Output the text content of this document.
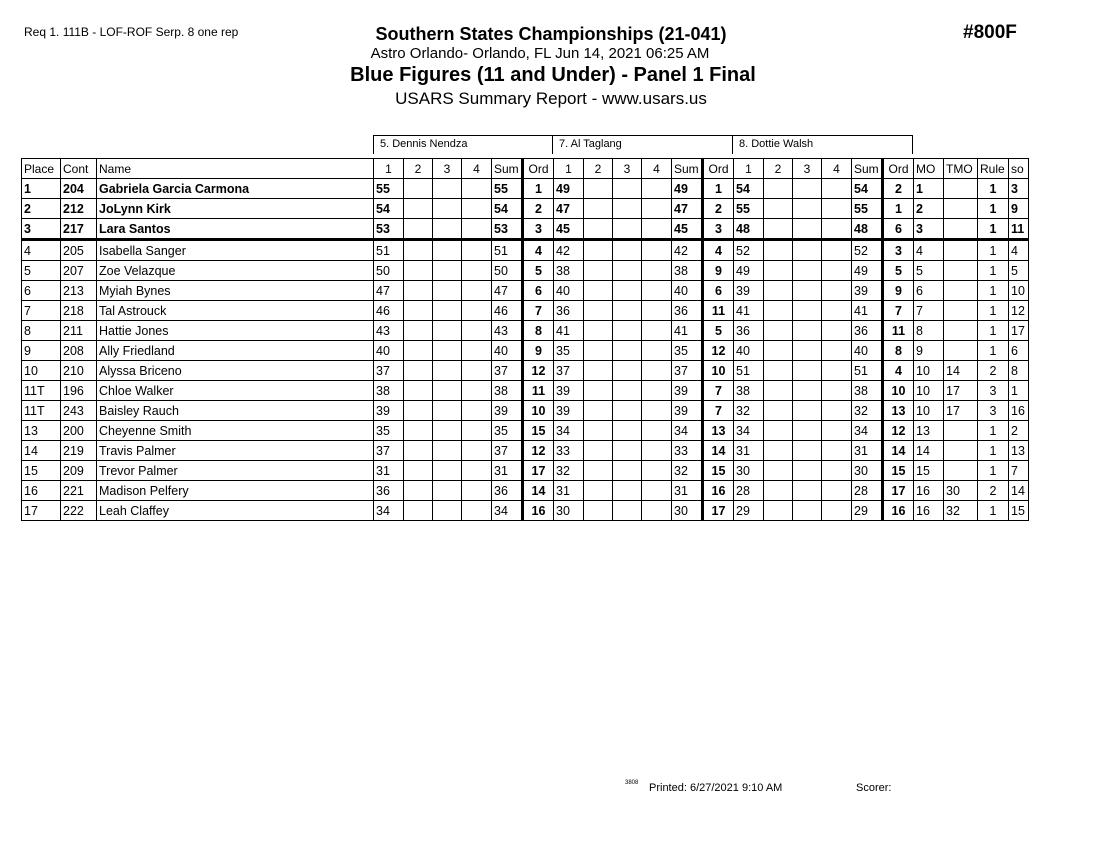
Req 1. 111B - LOF-ROF Serp. 8 one rep	#800F
Southern States Championships (21-041)
Astro Orlando- Orlando, FL Jun 14, 2021 06:25 AM
Blue Figures (11 and Under) - Panel 1 Final
USARS Summary Report - www.usars.us
5. Dennis Nendza	7. Al Taglang	8. Dottie Walsh
Place	Cont	Name	1	2	3	4	Sum	Ord	1	2	3	4	Sum	Ord	1	2	3	4	Sum	Ord	MO	TMO	Rule	so
1	204	Gabriela Garcia Carmona	55				55	1	49				49	1	54				54	2	1		1	3
2	212	JoLynn Kirk	54				54	2	47				47	2	55				55	1	2		1	9
3	217	Lara Santos	53				53	3	45				45	3	48				48	6	3		1	11
4	205	Isabella Sanger	51				51	4	42				42	4	52				52	3	4		1	4
5	207	Zoe Velazque	50				50	5	38				38	9	49				49	5	5		1	5
6	213	Myiah Bynes	47				47	6	40				40	6	39				39	9	6		1	10
7	218	Tal Astrouck	46				46	7	36				36	11	41				41	7	7		1	12
8	211	Hattie Jones	43				43	8	41				41	5	36				36	11	8		1	17
9	208	Ally Friedland	40				40	9	35				35	12	40				40	8	9		1	6
10	210	Alyssa Briceno	37				37	12	37				37	10	51				51	4	10	14	2	8
11T	196	Chloe Walker	38				38	11	39				39	7	38				38	10	10	17	3	1
11T	243	Baisley Rauch	39				39	10	39				39	7	32				32	13	10	17	3	16
13	200	Cheyenne Smith	35				35	15	34				34	13	34				34	12	13		1	2
14	219	Travis Palmer	37				37	12	33				33	14	31				31	14	14		1	13
15	209	Trevor Palmer	31				31	17	32				32	15	30				30	15	15		1	7
16	221	Madison Pelfery	36				36	14	31				31	16	28				28	17	16	30	2	14
17	222	Leah Claffey	34				34	16	30				30	17	29				29	16	16	32	1	15
3808 Printed: 6/27/2021 9:10 AM	Scorer:
